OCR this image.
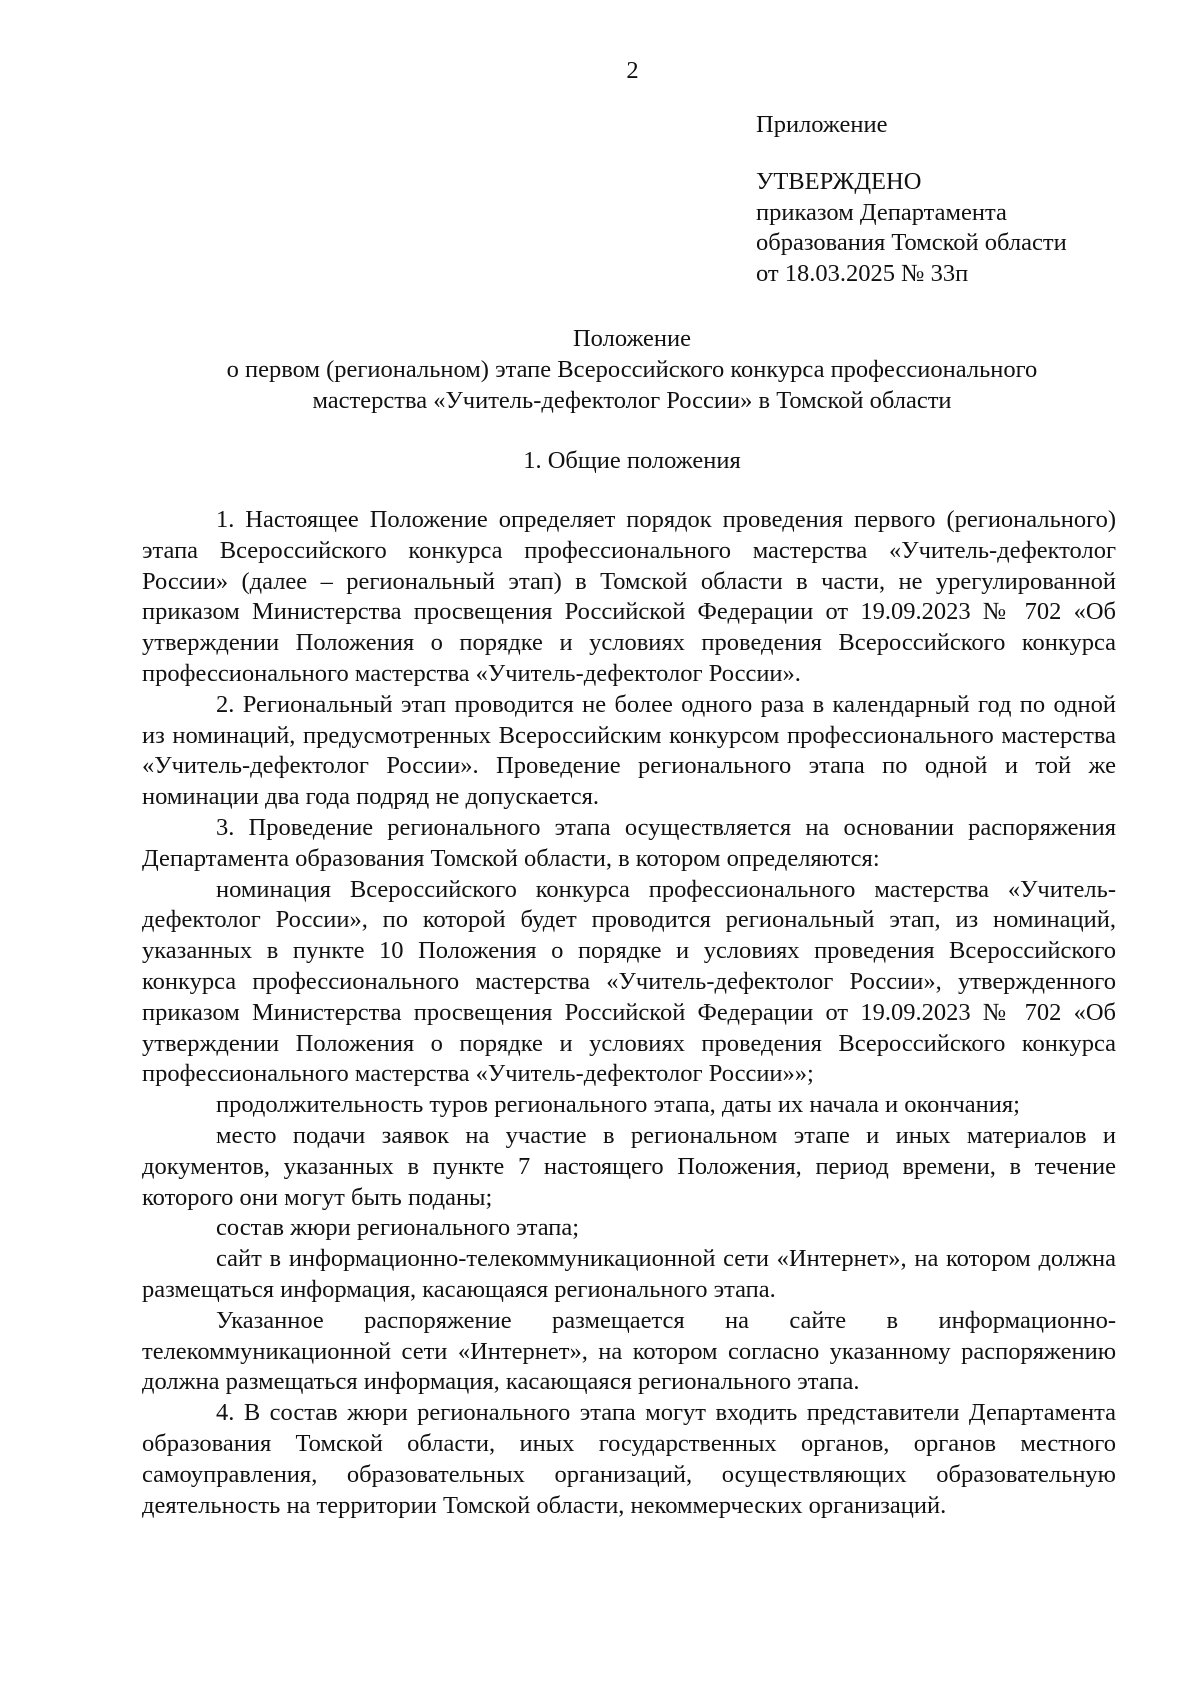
2
Приложение
УТВЕРЖДЕНО
приказом Департамента
образования Томской области
от 18.03.2025 № 33п
Положение
о первом (региональном) этапе Всероссийского конкурса профессионального
мастерства «Учитель-дефектолог России» в Томской области
1. Общие положения

1. Настоящее Положение определяет порядок проведения первого (регионального) этапа Всероссийского конкурса профессионального мастерства «Учитель-дефектолог России» (далее – региональный этап) в Томской области в части, не урегулированной приказом Министерства просвещения Российской Федерации от 19.09.2023 № 702 «Об утверждении Положения о порядке и условиях проведения Всероссийского конкурса профессионального мастерства «Учитель-дефектолог России».

2. Региональный этап проводится не более одного раза в календарный год по одной из номинаций, предусмотренных Всероссийским конкурсом профессионального мастерства «Учитель-дефектолог России». Проведение регионального этапа по одной и той же номинации два года подряд не допускается.

3. Проведение регионального этапа осуществляется на основании распоряжения Департамента образования Томской области, в котором определяются:

номинация Всероссийского конкурса профессионального мастерства «Учитель-дефектолог России», по которой будет проводится региональный этап, из номинаций, указанных в пункте 10 Положения о порядке и условиях проведения Всероссийского конкурса профессионального мастерства «Учитель-дефектолог России», утвержденного приказом Министерства просвещения Российской Федерации от 19.09.2023 № 702 «Об утверждении Положения о порядке и условиях проведения Всероссийского конкурса профессионального мастерства «Учитель-дефектолог России»»;

продолжительность туров регионального этапа, даты их начала и окончания;

место подачи заявок на участие в региональном этапе и иных материалов и документов, указанных в пункте 7 настоящего Положения, период времени, в течение которого они могут быть поданы;

состав жюри регионального этапа;

сайт в информационно-телекоммуникационной сети «Интернет», на котором должна размещаться информация, касающаяся регионального этапа.

Указанное распоряжение размещается на сайте в информационно-телекоммуникационной сети «Интернет», на котором согласно указанному распоряжению должна размещаться информация, касающаяся регионального этапа.

4. В состав жюри регионального этапа могут входить представители Департамента образования Томской области, иных государственных органов, органов местного самоуправления, образовательных организаций, осуществляющих образовательную деятельность на территории Томской области, некоммерческих организаций.
